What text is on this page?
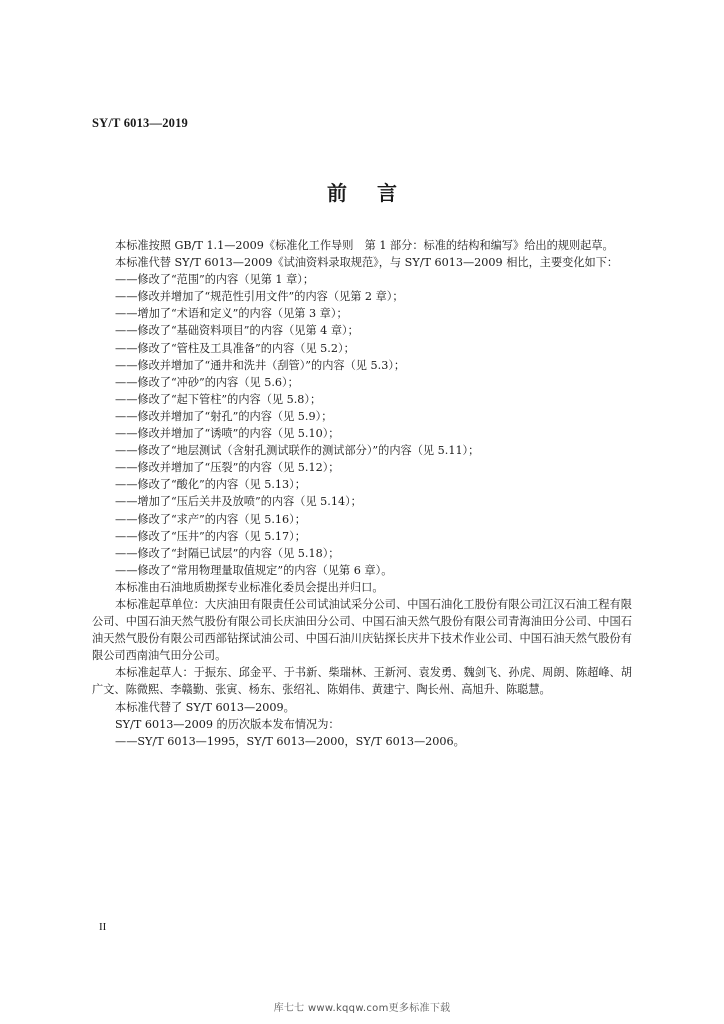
SY/T 6013—2019
前言

本标准按照 GB/T 1.1—2009《标准化工作导则　第 1 部分：标准的结构和编写》给出的规则起草。

本标准代替 SY/T 6013—2009《试油资料录取规范》，与 SY/T 6013—2009 相比，主要变化如下：

——修改了“范围”的内容（见第 1 章）；

——修改并增加了“规范性引用文件”的内容（见第 2 章）；

——增加了“术语和定义”的内容（见第 3 章）；

——修改了“基础资料项目”的内容（见第 4 章）；

——修改了“管柱及工具准备”的内容（见 5.2）；

——修改并增加了“通井和洗井（刮管）”的内容（见 5.3）；

——修改了“冲砂”的内容（见 5.6）；

——修改了“起下管柱”的内容（见 5.8）；

——修改并增加了“射孔”的内容（见 5.9）；

——修改并增加了“诱喷”的内容（见 5.10）；

——修改了“地层测试（含射孔测试联作的测试部分）”的内容（见 5.11）；

——修改并增加了“压裂”的内容（见 5.12）；

——修改了“酸化”的内容（见 5.13）；

——增加了“压后关井及放喷”的内容（见 5.14）；

——修改了“求产”的内容（见 5.16）；

——修改了“压井”的内容（见 5.17）；

——修改了“封隔已试层”的内容（见 5.18）；

——修改了“常用物理量取值规定”的内容（见第 6 章）。

本标准由石油地质勘探专业标准化委员会提出并归口。

本标准起草单位：大庆油田有限责任公司试油试采分公司、中国石油化工股份有限公司江汉石油工程有限公司、中国石油天然气股份有限公司长庆油田分公司、中国石油天然气股份有限公司青海油田分公司、中国石油天然气股份有限公司西部钻探试油公司、中国石油川庆钻探长庆井下技术作业公司、中国石油天然气股份有限公司西南油气田分公司。

本标准起草人：于振东、邱金平、于书新、柴瑞林、王新河、袁发勇、魏剑飞、孙虎、周朗、陈超峰、胡广文、陈微熙、李赣勤、张寅、杨东、张绍礼、陈娟伟、黄建宁、陶长州、高旭升、陈聪慧。

本标准代替了 SY/T 6013—2009。

SY/T 6013—2009 的历次版本发布情况为：

——SY/T 6013—1995，SY/T 6013—2000，SY/T 6013—2006。

II
库七七 www.kqqw.com更多标准下载
